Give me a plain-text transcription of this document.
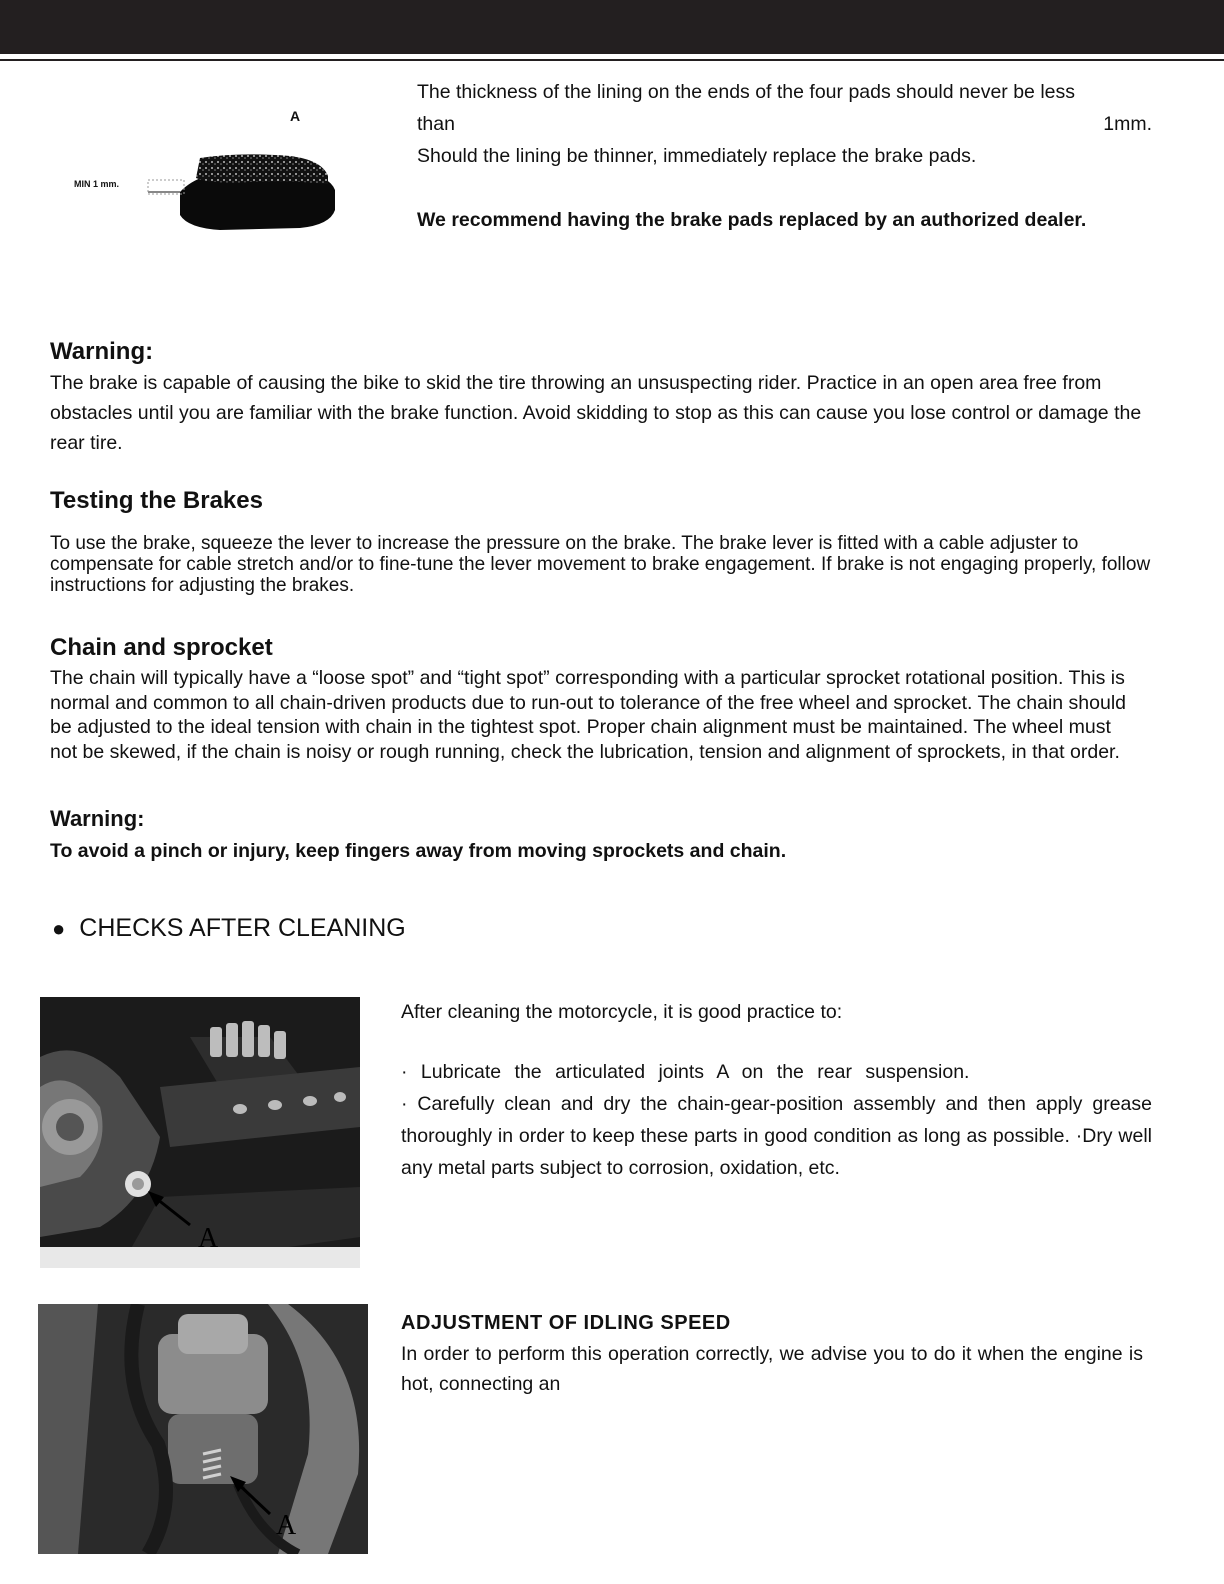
A
MIN 1 mm.

The thickness of the lining on the ends of the four pads should never be less

than	1mm.

Should the lining be thinner, immediately replace the brake pads.

We recommend having the brake pads replaced by an authorized dealer.

Warning:

The brake is capable of causing the bike to skid the tire throwing an unsuspecting rider. Practice in an open area free from obstacles until you are familiar with the brake function. Avoid skidding to stop as this can cause you lose control or damage the rear tire.

Testing the Brakes

To use the brake, squeeze the lever to increase the pressure on the brake. The brake lever is fitted with a cable adjuster to compensate for cable stretch and/or to fine-tune the lever movement to brake engagement. If brake is not engaging properly, follow instructions for adjusting the brakes.

Chain and sprocket

The chain will typically have a “loose spot” and “tight spot” corresponding with a particular sprocket rotational position. This is normal and common to all chain-driven products due to run-out to tolerance of the free wheel and sprocket. The chain should be adjusted to the ideal tension with chain in the tightest spot. Proper chain alignment must be maintained. The wheel must not be skewed, if the chain is noisy or rough running, check the lubrication, tension and alignment of sprockets, in that order.

Warning:

To avoid a pinch or injury, keep fingers away from moving sprockets and chain.

● CHECKS AFTER CLEANING
A

After cleaning the motorcycle, it is good practice to:

· Lubricate the articulated joints A on the rear suspension.

· Carefully clean and dry the chain-gear-position assembly and then apply grease thoroughly in order to keep these parts in good condition as long as possible. ·Dry well any metal parts subject to corrosion, oxidation, etc.

A
ADJUSTMENT OF IDLING SPEED

In order to perform this operation correctly, we advise you to do it when the engine is hot, connecting an
